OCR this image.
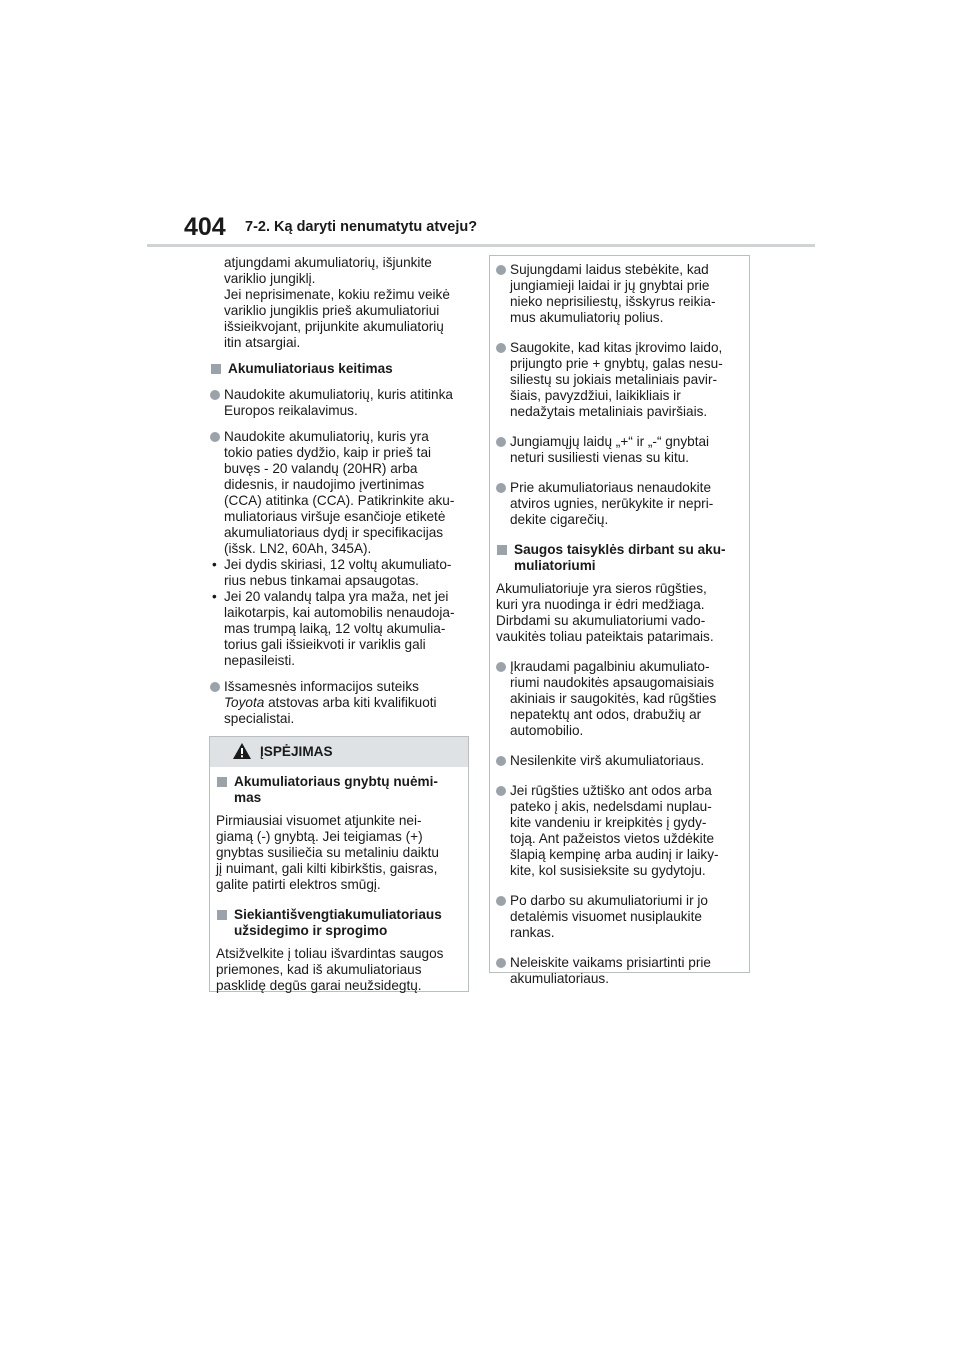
404 7-2. Ką daryti nenumatytu atveju?
atjungdami akumuliatorių, išjunkite
variklio jungiklį.
Jei neprisimenate, kokiu režimu veikė
variklio jungiklis prieš akumuliatoriui
išsieikvojant, prijunkite akumuliatorių
itin atsargiai.
Akumuliatoriaus keitimas
Naudokite akumuliatorių, kuris atitinka
Europos reikalavimus.
Naudokite akumuliatorių, kuris yra
tokio paties dydžio, kaip ir prieš tai
buvęs - 20 valandų (20HR) arba
didesnis, ir naudojimo įvertinimas
(CCA) atitinka (CCA). Patikrinkite aku-
muliatoriaus viršuje esančioje etiketė
akumuliatoriaus dydį ir specifikacijas
(išsk. LN2, 60Ah, 345A).
• Jei dydis skiriasi, 12 voltų akumuliato-
rius nebus tinkamai apsaugotas.
• Jei 20 valandų talpa yra maža, net jei
laikotarpis, kai automobilis nenaudoja-
mas trumpą laiką, 12 voltų akumulia-
torius gali išsieikvoti ir variklis gali
nepasileisti.
Išsamesnės informacijos suteiks
Toyota atstovas arba kiti kvalifikuoti
specialistai.
ĮSPĖJIMAS
Akumuliatoriaus gnybtų nuėmi-
mas
Pirmiausiai visuomet atjunkite nei-
giamą (-) gnybtą. Jei teigiamas (+)
gnybtas susiliečia su metaliniu daiktu
jį nuimant, gali kilti kibirkštis, gaisras,
galite patirti elektros smūgį.
Siekiantišvengtiakumuliatoriaus
užsidegimo ir sprogimo
Atsižvelkite į toliau išvardintas saugos
priemones, kad iš akumuliatoriaus
pasklidę degūs garai neužsidegtų.
Sujungdami laidus stebėkite, kad
jungiamieji laidai ir jų gnybtai prie
nieko neprisiliestų, išskyrus reikia-
mus akumuliatorių polius.
Saugokite, kad kitas įkrovimo laido,
prijungto prie + gnybtų, galas nesu-
siliestų su jokiais metaliniais pavir-
šiais, pavyzdžiui, laikikliais ir
nedažytais metaliniais paviršiais.
Jungiamųjų laidų „+“ ir „-“ gnybtai
neturi susiliesti vienas su kitu.
Prie akumuliatoriaus nenaudokite
atviros ugnies, nerūkykite ir nepri-
dekite cigarečių.
Saugos taisyklės dirbant su aku-
muliatoriumi
Akumuliatoriuje yra sieros rūgšties,
kuri yra nuodinga ir ėdri medžiaga.
Dirbdami su akumuliatoriumi vado-
vaukitės toliau pateiktais patarimais.
Įkraudami pagalbiniu akumuliato-
riumi naudokitės apsaugomaisiais
akiniais ir saugokitės, kad rūgšties
nepatektų ant odos, drabužių ar
automobilio.
Nesilenkite virš akumuliatoriaus.
Jei rūgšties užtiško ant odos arba
pateko į akis, nedelsdami nuplau-
kite vandeniu ir kreipkitės į gydy-
toją. Ant pažeistos vietos uždėkite
šlapią kempinę arba audinį ir laiky-
kite, kol susisieksite su gydytoju.
Po darbo su akumuliatoriumi ir jo
detalėmis visuomet nusiplaukite
rankas.
Neleiskite vaikams prisiartinti prie
akumuliatoriaus.
